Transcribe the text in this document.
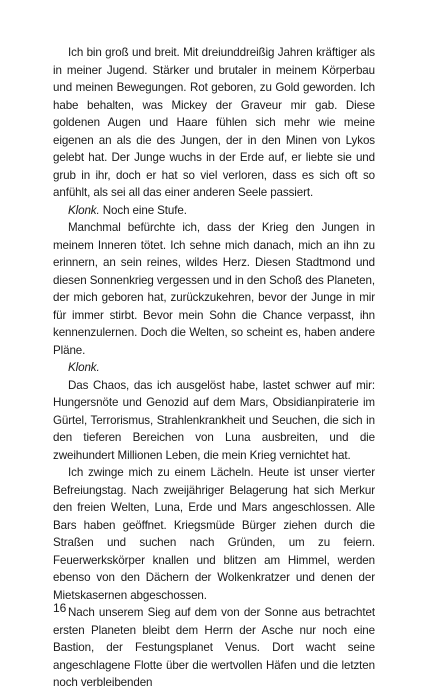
Ich bin groß und breit. Mit dreiunddreißig Jahren kräftiger als in meiner Jugend. Stärker und brutaler in meinem Körperbau und meinen Bewegungen. Rot geboren, zu Gold geworden. Ich habe behalten, was Mickey der Graveur mir gab. Diese goldenen Augen und Haare fühlen sich mehr wie meine eigenen an als die des Jungen, der in den Minen von Lykos gelebt hat. Der Junge wuchs in der Erde auf, er liebte sie und grub in ihr, doch er hat so viel verloren, dass es sich oft so anfühlt, als sei all das einer anderen Seele passiert.

Klonk. Noch eine Stufe.

Manchmal befürchte ich, dass der Krieg den Jungen in meinem Inneren tötet. Ich sehne mich danach, mich an ihn zu erinnern, an sein reines, wildes Herz. Diesen Stadtmond und diesen Sonnenkrieg vergessen und in den Schoß des Planeten, der mich geboren hat, zurückzukehren, bevor der Junge in mir für immer stirbt. Bevor mein Sohn die Chance verpasst, ihn kennenzulernen. Doch die Welten, so scheint es, haben andere Pläne.

Klonk.

Das Chaos, das ich ausgelöst habe, lastet schwer auf mir: Hungersnöte und Genozid auf dem Mars, Obsidianpiraterie im Gürtel, Terrorismus, Strahlenkrankheit und Seuchen, die sich in den tieferen Bereichen von Luna ausbreiten, und die zweihundert Millionen Leben, die mein Krieg vernichtet hat.

Ich zwinge mich zu einem Lächeln. Heute ist unser vierter Befreiungstag. Nach zweijähriger Belagerung hat sich Merkur den freien Welten, Luna, Erde und Mars angeschlossen. Alle Bars haben geöffnet. Kriegsmüde Bürger ziehen durch die Straßen und suchen nach Gründen, um zu feiern. Feuerwerkskörper knallen und blitzen am Himmel, werden ebenso von den Dächern der Wolkenkratzer und denen der Mietskasernen abgeschossen.

Nach unserem Sieg auf dem von der Sonne aus betrachtet ersten Planeten bleibt dem Herrn der Asche nur noch eine Bastion, der Festungsplanet Venus. Dort wacht seine angeschlagene Flotte über die wertvollen Häfen und die letzten noch verbleibenden

16
